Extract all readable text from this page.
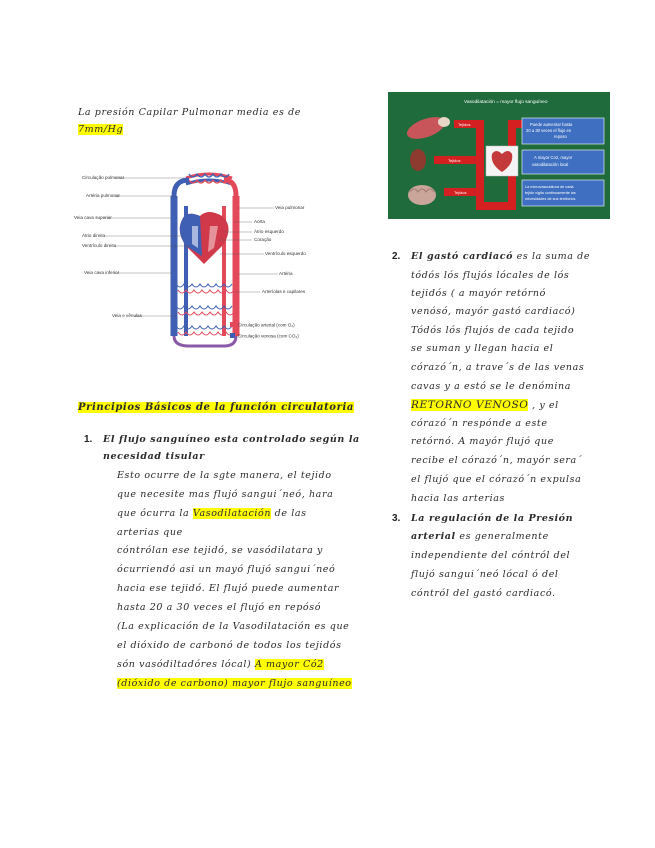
La presión Capilar Pulmonar media es de
7mm/Hg
Circulação pulmonar
Artéria pulmonar
Veia cava superior
Átrio direito
Ventrículo direito
Veia cava inferior
Veia e vênulas
Veia pulmonar
Aorta
Átrio esquerdo
Coração
Ventrículo esquerdo
Artéria
Arteríolas e capilares
Circulação arterial (com O₂)
Circulação venosa (com CO₂)
Vasodilatación = mayor flujo sanguíneo
Tejidos
Tejidos
Tejidos
Puede aumentar hasta
20 a 30 veces el flujo en
reposo
A mayor Co2, mayor
vasodilatación local
La microvasculatura de cada
tejido vigila continuamente las
necesidades de sus territorios
Principios Básicos de la función circulatoria
1. El flujo sanguíneo esta controlado según la
necesidad tisular
Esto ocurre de la sgte manera, el tejido
que necesite mas flujó sangui´neó, hara
que ócurra la Vasodilatación de las
arterias que
cóntrólan ese tejidó, se vasódilatara y
ócurriendó asi un mayó flujó sangui´neó
hacia ese tejidó. El flujó puede aumentar
hasta 20 a 30 veces el flujó en repósó
(La explicación de la Vasodilatación es que
el dióxido de carbonó de todos los tejidós
són vasódiltadóres lócal) A mayor Có2
(dióxido de carbono) mayor flujo sanguíneo
2. El gastó cardiacó es la suma de
tódós lós flujós lócales de lós
tejidós ( a mayór retórnó
venósó, mayór gastó cardiacó)
Tódós lós flujós de cada tejido
se suman y llegan hacia el
córazó´n, a trave´s de las venas
cavas y a estó se le denómina
RETORNO VENOSO , y el
córazó´n respónde a este
retórnó. A mayór flujó que
recibe el córazó´n, mayór sera´
el flujó que el córazó´n expulsa
hacia las arterias
3. La regulación de la Presión
arterial es generalmente
independiente del cóntról del
flujó sangui´neó lócal ó del
cóntról del gastó cardiacó.
